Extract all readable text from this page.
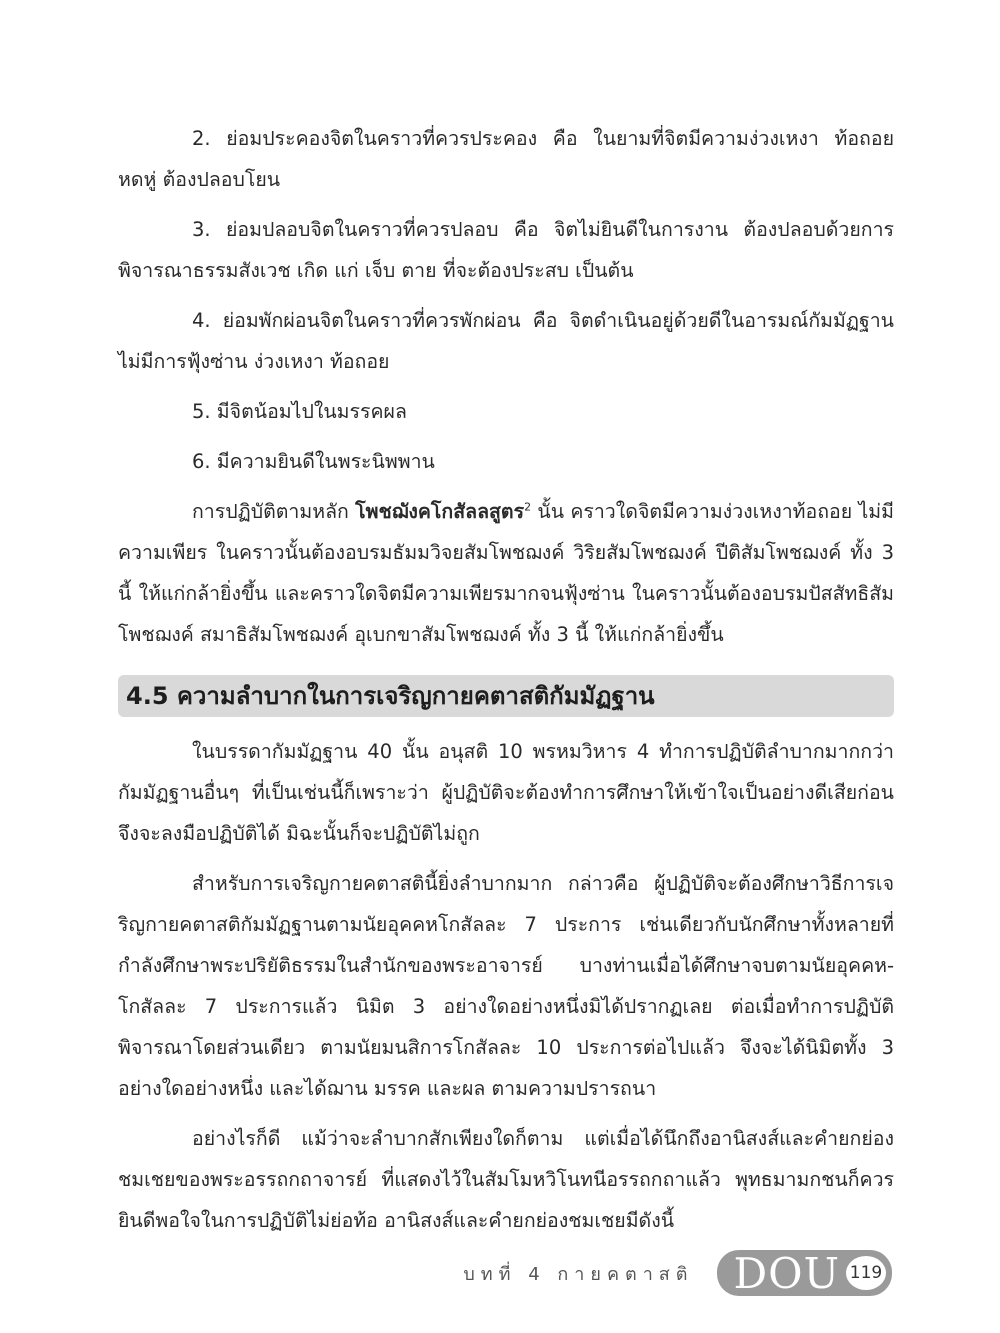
2. ย่อมประคองจิตในคราวที่ควรประคอง คือ ในยามที่จิตมีความง่วงเหงา ท้อถอย หดหู่ ต้องปลอบโยน

3. ย่อมปลอบจิตในคราวที่ควรปลอบ คือ จิตไม่ยินดีในการงาน ต้องปลอบด้วยการพิจารณาธรรมสังเวช เกิด แก่ เจ็บ ตาย ที่จะต้องประสบ เป็นต้น

4. ย่อมพักผ่อนจิตในคราวที่ควรพักผ่อน คือ จิตดำเนินอยู่ด้วยดีในอารมณ์กัมมัฏฐาน ไม่มีการฟุ้งซ่าน ง่วงเหงา ท้อถอย

5. มีจิตน้อมไปในมรรคผล

6. มีความยินดีในพระนิพพาน

การปฏิบัติตามหลัก โพชฌังคโกสัลลสูตร$^2$ นั้น คราวใดจิตมีความง่วงเหงาท้อถอย ไม่มีความเพียร ในคราวนั้นต้องอบรมธัมมวิจยสัมโพชฌงค์ วิริยสัมโพชฌงค์ ปีติสัมโพชฌงค์ ทั้ง 3 นี้ ให้แก่กล้ายิ่งขึ้น และคราวใดจิตมีความเพียรมากจนฟุ้งซ่าน ในคราวนั้นต้องอบรมปัสสัทธิสัมโพชฌงค์ สมาธิสัมโพชฌงค์ อุเบกขาสัมโพชฌงค์ ทั้ง 3 นี้ ให้แก่กล้ายิ่งขึ้น

4.5 ความลำบากในการเจริญกายคตาสติกัมมัฏฐาน

ในบรรดากัมมัฏฐาน 40 นั้น อนุสติ 10 พรหมวิหาร 4 ทำการปฏิบัติลำบากมากกว่ากัมมัฏฐานอื่นๆ ที่เป็นเช่นนี้ก็เพราะว่า ผู้ปฏิบัติจะต้องทำการศึกษาให้เข้าใจเป็นอย่างดีเสียก่อน จึงจะลงมือปฏิบัติได้ มิฉะนั้นก็จะปฏิบัติไม่ถูก

สำหรับการเจริญกายคตาสตินี้ยิ่งลำบากมาก กล่าวคือ ผู้ปฏิบัติจะต้องศึกษาวิธีการเจริญกายคตาสติกัมมัฏฐานตามนัยอุคคหโกสัลละ 7 ประการ เช่นเดียวกับนักศึกษาทั้งหลายที่กำลังศึกษาพระปริยัติธรรมในสำนักของพระอาจารย์ บางท่านเมื่อได้ศึกษาจบตามนัยอุคคห-โกสัลละ 7 ประการแล้ว นิมิต 3 อย่างใดอย่างหนึ่งมิได้ปรากฏเลย ต่อเมื่อทำการปฏิบัติพิจารณาโดยส่วนเดียว ตามนัยมนสิการโกสัลละ 10 ประการต่อไปแล้ว จึงจะได้นิมิตทั้ง 3 อย่างใดอย่างหนึ่ง และได้ฌาน มรรค และผล ตามความปรารถนา

อย่างไรก็ดี แม้ว่าจะลำบากสักเพียงใดก็ตาม แต่เมื่อได้นึกถึงอานิสงส์และคำยกย่องชมเชยของพระอรรถกถาจารย์ ที่แสดงไว้ในสัมโมหวิโนทนีอรรถกถาแล้ว พุทธมามกชนก็ควรยินดีพอใจในการปฏิบัติไม่ย่อท้อ อานิสงส์และคำยกย่องชมเชยมีดังนี้

บทที่ 4 กายคตาสติ DOU 119
